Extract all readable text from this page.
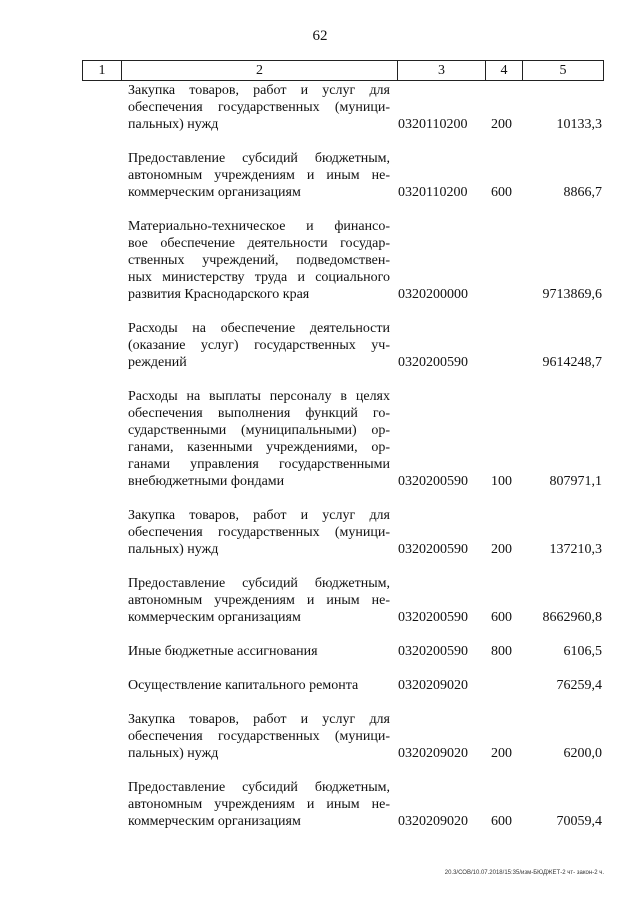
62
1	2	3	4	5
Закупка товаров, работ и услуг для
обеспечения государственных (муници-
пальных) нужд	0320110200 200	10133,3
Предоставление субсидий бюджетным,
автономным учреждениям и иным не-
коммерческим организациям	0320110200 600	8866,7
Материально-техническое и финансо-
вое обеспечение деятельности государ-
ственных учреждений, подведомствен-
ных министерству труда и социального
развития Краснодарского края	0320200000	9713869,6
Расходы на обеспечение деятельности
(оказание услуг) государственных уч-
реждений	0320200590	9614248,7
Расходы на выплаты персоналу в целях
обеспечения выполнения функций го-
сударственными (муниципальными) ор-
ганами, казенными учреждениями, ор-
ганами управления государственными
внебюджетными фондами	0320200590 100	807971,1
Закупка товаров, работ и услуг для
обеспечения государственных (муници-
пальных) нужд	0320200590 200	137210,3
Предоставление субсидий бюджетным,
автономным учреждениям и иным не-
коммерческим организациям	0320200590 600 8662960,8
Иные бюджетные ассигнования	0320200590 800	6106,5
Осуществление капитального ремонта	0320209020	76259,4
Закупка товаров, работ и услуг для
обеспечения государственных (муници-
пальных) нужд	0320209020 200	6200,0
Предоставление субсидий бюджетным,
автономным учреждениям и иным не-
коммерческим организациям	0320209020 600	70059,4
20.3/СОВ/10.07.2018/15:35/изм-БЮДЖЕТ-2 чт- закон-2 ч.
